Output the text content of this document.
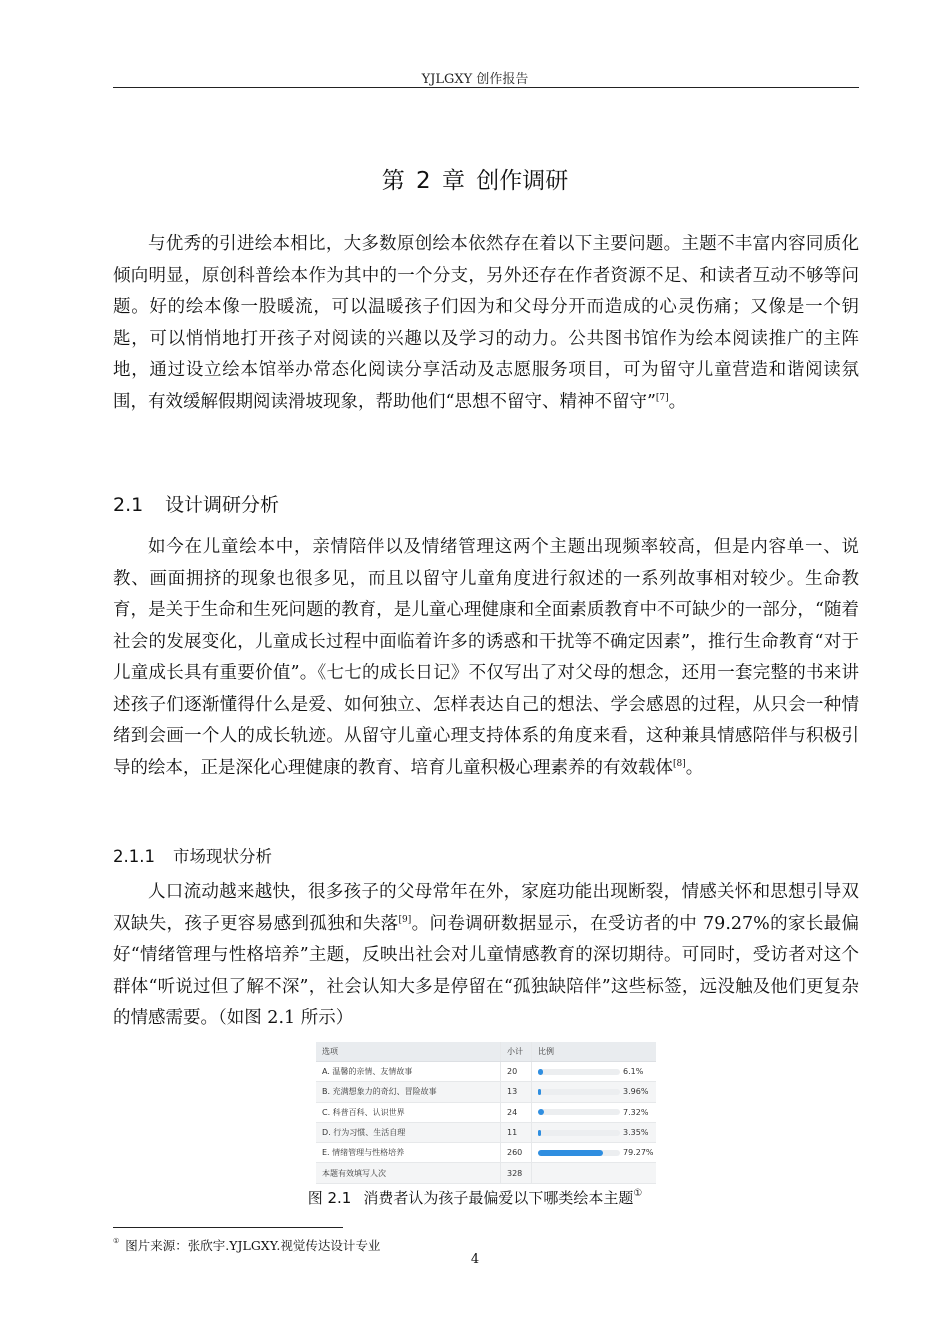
YJLGXY 创作报告
第 2 章 创作调研

与优秀的引进绘本相比，大多数原创绘本依然存在着以下主要问题。主题不丰富内容同质化倾向明显，原创科普绘本作为其中的一个分支，另外还存在作者资源不足、和读者互动不够等问题。好的绘本像一股暖流，可以温暖孩子们因为和父母分开而造成的心灵伤痛；又像是一个钥匙，可以悄悄地打开孩子对阅读的兴趣以及学习的动力。公共图书馆作为绘本阅读推广的主阵地，通过设立绘本馆举办常态化阅读分享活动及志愿服务项目，可为留守儿童营造和谐阅读氛围，有效缓解假期阅读滑坡现象，帮助他们“思想不留守、精神不留守”[7]。

2.1 设计调研分析

如今在儿童绘本中，亲情陪伴以及情绪管理这两个主题出现频率较高，但是内容单一、说教、画面拥挤的现象也很多见，而且以留守儿童角度进行叙述的一系列故事相对较少。生命教育，是关于生命和生死问题的教育，是儿童心理健康和全面素质教育中不可缺少的一部分，“随着社会的发展变化，儿童成长过程中面临着许多的诱惑和干扰等不确定因素”，推行生命教育“对于儿童成长具有重要价值”。《七七的成长日记》不仅写出了对父母的想念，还用一套完整的书来讲述孩子们逐渐懂得什么是爱、如何独立、怎样表达自己的想法、学会感恩的过程，从只会一种情绪到会画一个人的成长轨迹。从留守儿童心理支持体系的角度来看，这种兼具情感陪伴与积极引导的绘本，正是深化心理健康的教育、培育儿童积极心理素养的有效载体[8]。

2.1.1 市场现状分析

人口流动越来越快，很多孩子的父母常年在外，家庭功能出现断裂，情感关怀和思想引导双双缺失，孩子更容易感到孤独和失落[9]。问卷调研数据显示，在受访者的中 79.27%的家长最偏好“情绪管理与性格培养”主题，反映出社会对儿童情感教育的深切期待。可同时，受访者对这个群体“听说过但了解不深”，社会认知大多是停留在“孤独缺陪伴”这些标签，远没触及他们更复杂的情感需要。（如图 2.1 所示）

选项	小计	比例
A. 温馨的亲情、友情故事	20	6.1%
B. 充满想象力的奇幻、冒险故事	13	3.96%
C. 科普百科、认识世界	24	7.32%
D. 行为习惯、生活自理	11	3.35%
E. 情绪管理与性格培养	260	79.27%
本题有效填写人次	328	
图 2.1 消费者认为孩子最偏爱以下哪类绘本主题①
① 图片来源：张欣宇.YJLGXY.视觉传达设计专业
4
